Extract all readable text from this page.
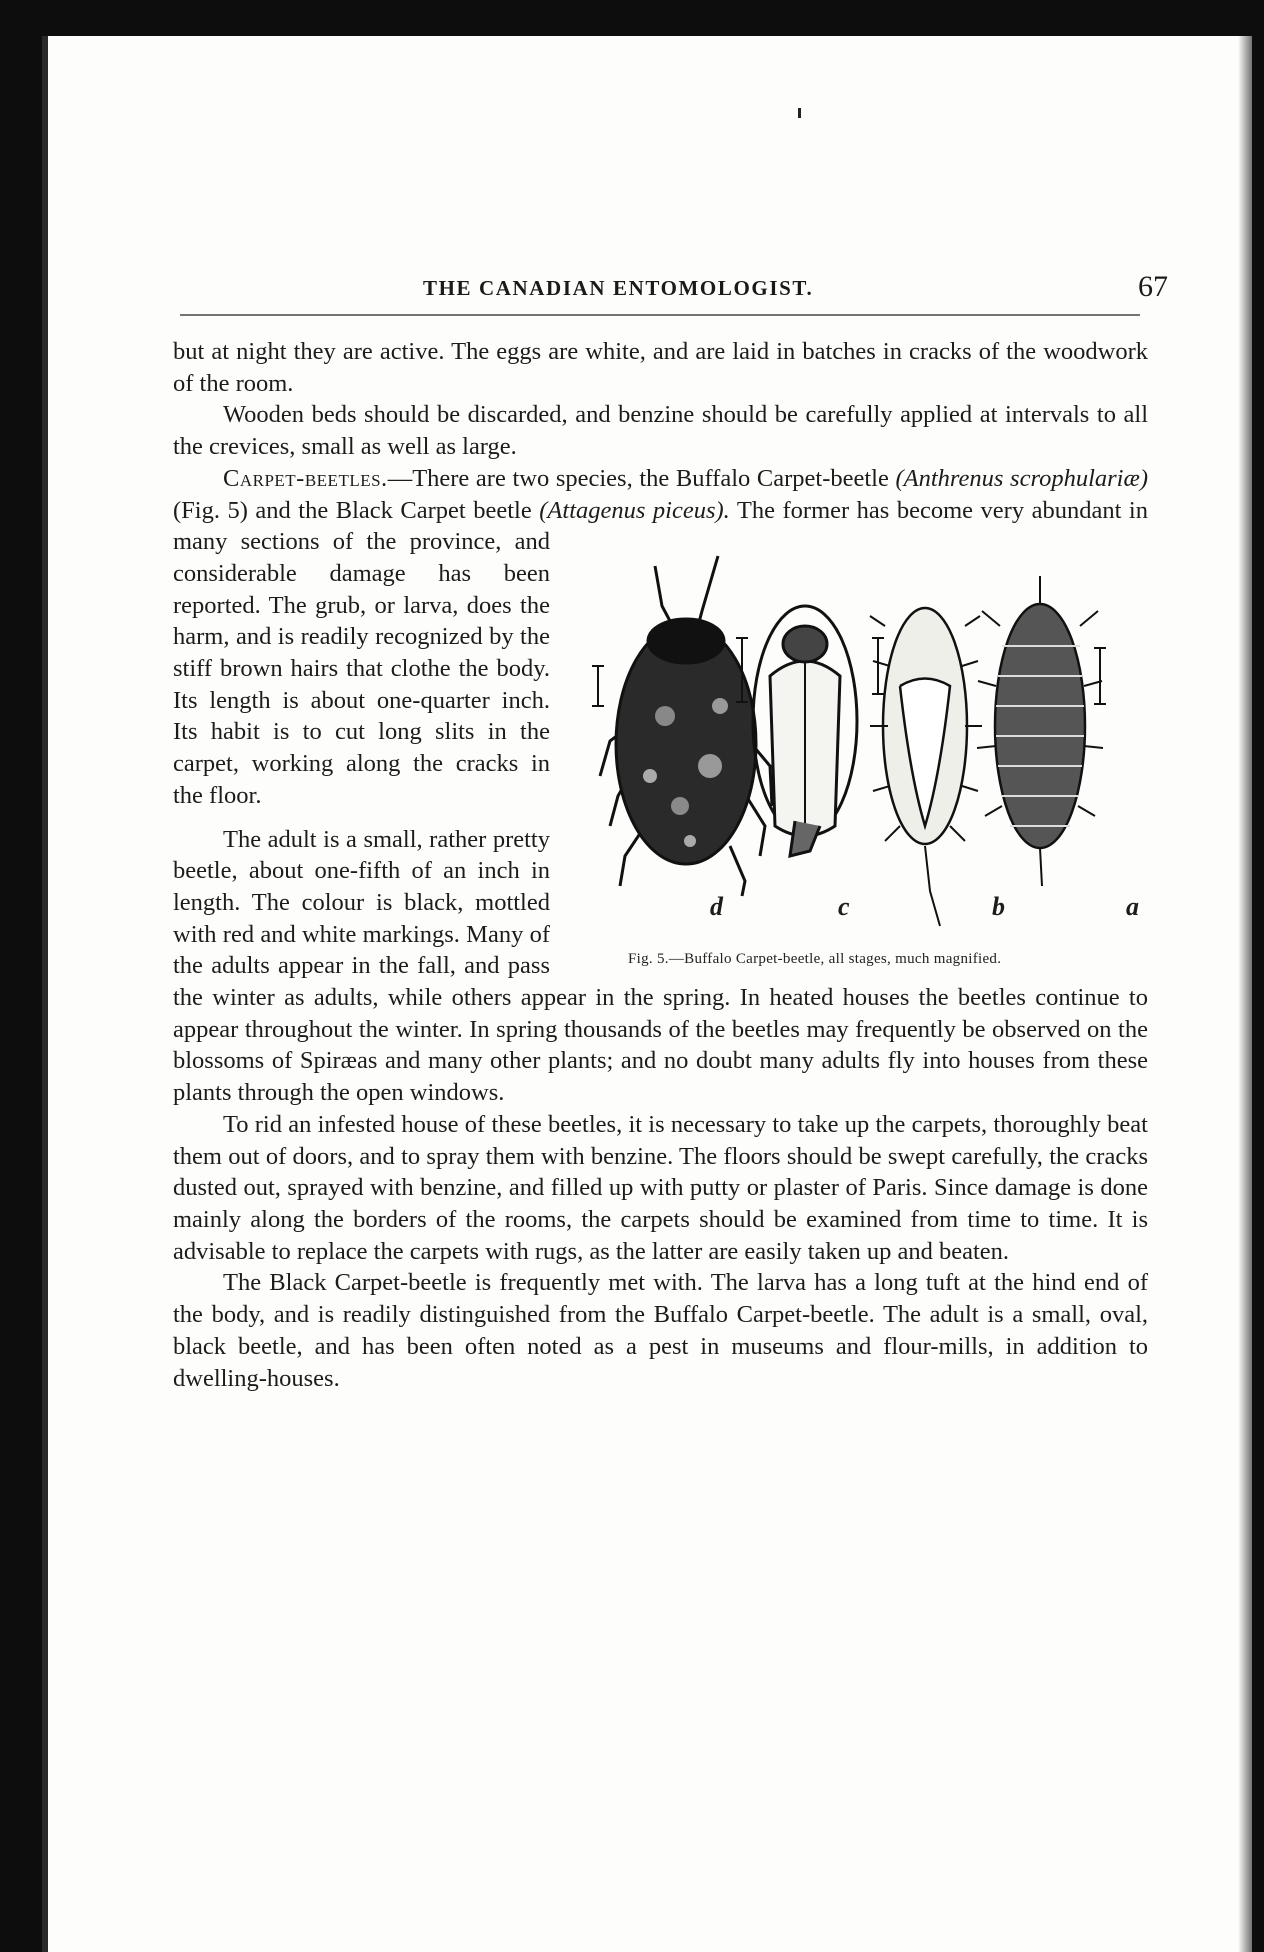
THE CANADIAN ENTOMOLOGIST.	67

but at night they are active. The eggs are white, and are laid in batches in cracks of the woodwork of the room.

Wooden beds should be discarded, and benzine should be carefully applied at intervals to all the crevices, small as well as large.

Carpet-beetles.—There are two species, the Buffalo Carpet-beetle (Anthrenus scrophulariæ) (Fig. 5) and the Black Carpet beetle (Attagenus piceus).
d	c	b	a
Fig. 5.—Buffalo Carpet-beetle, all stages, much magnified.
The former has become very abundant in many sections of the province, and considerable damage has been reported. The grub, or larva, does the harm, and is readily recognized by the stiff brown hairs that clothe the body. Its length is about one-quarter inch. Its habit is to cut long slits in the carpet, working along the cracks in the floor.

The adult is a small, rather pretty beetle, about one-fifth of an inch in length. The colour is black, mottled with red and white markings. Many of the adults appear in the fall, and pass the winter as adults, while others appear in the spring. In heated houses the beetles continue to appear throughout the winter. In spring thousands of the beetles may frequently be observed on the blossoms of Spiræas and many other plants; and no doubt many adults fly into houses from these plants through the open windows.

To rid an infested house of these beetles, it is necessary to take up the carpets, thoroughly beat them out of doors, and to spray them with benzine. The floors should be swept carefully, the cracks dusted out, sprayed with benzine, and filled up with putty or plaster of Paris. Since damage is done mainly along the borders of the rooms, the carpets should be examined from time to time. It is advisable to replace the carpets with rugs, as the latter are easily taken up and beaten.

The Black Carpet-beetle is frequently met with. The larva has a long tuft at the hind end of the body, and is readily distinguished from the Buffalo Carpet-beetle. The adult is a small, oval, black beetle, and has been often noted as a pest in museums and flour-mills, in addition to dwelling-houses.
